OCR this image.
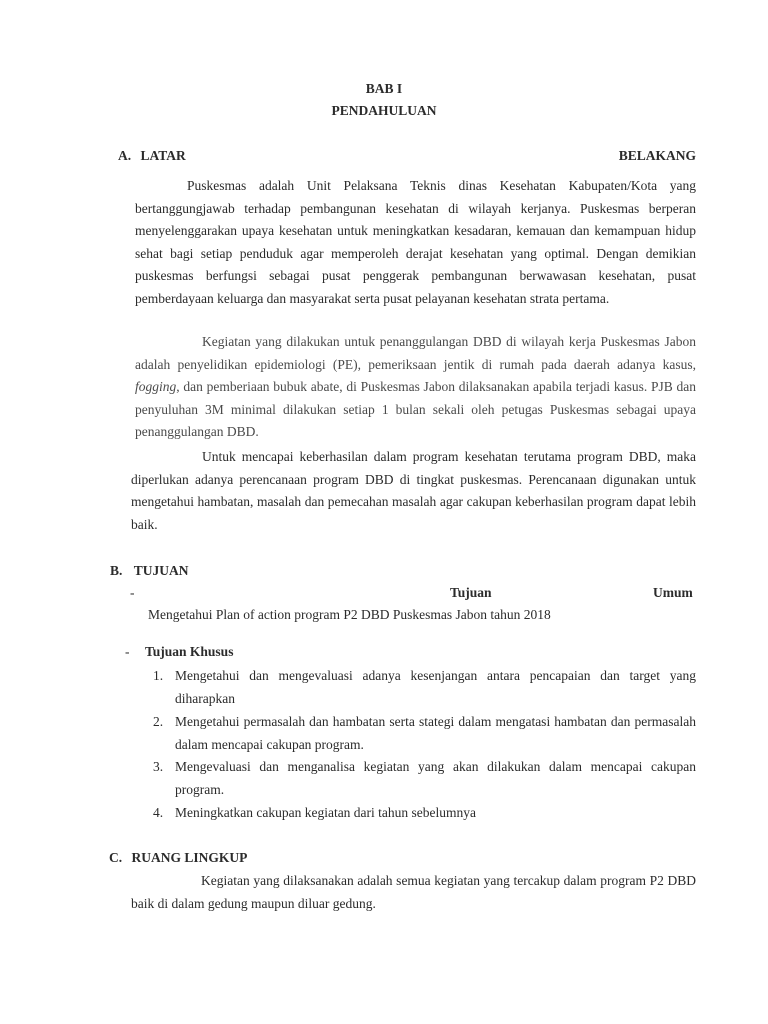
BAB I
PENDAHULUAN
A. LATAR	BELAKANG
Puskesmas adalah Unit Pelaksana Teknis dinas Kesehatan Kabupaten/Kota yang bertanggungjawab terhadap pembangunan kesehatan di wilayah kerjanya. Puskesmas berperan menyelenggarakan upaya kesehatan untuk meningkatkan kesadaran, kemauan dan kemampuan hidup sehat bagi setiap penduduk agar memperoleh derajat kesehatan yang optimal. Dengan demikian puskesmas berfungsi sebagai pusat penggerak pembangunan berwawasan kesehatan, pusat pemberdayaan keluarga dan masyarakat serta pusat pelayanan kesehatan strata pertama.
Kegiatan yang dilakukan untuk penanggulangan DBD di wilayah kerja Puskesmas Jabon adalah penyelidikan epidemiologi (PE), pemeriksaan jentik di rumah pada daerah adanya kasus, fogging, dan pemberiaan bubuk abate, di Puskesmas Jabon dilaksanakan apabila terjadi kasus. PJB dan penyuluhan 3M minimal dilakukan setiap 1 bulan sekali oleh petugas Puskesmas sebagai upaya penanggulangan DBD.
Untuk mencapai keberhasilan dalam program kesehatan terutama program DBD, maka diperlukan adanya perencanaan program DBD di tingkat puskesmas. Perencanaan digunakan untuk mengetahui hambatan, masalah dan pemecahan masalah agar cakupan keberhasilan program dapat lebih baik.
B. TUJUAN
-	Tujuan	Umum
Mengetahui Plan of action program P2 DBD Puskesmas Jabon tahun 2018
- Tujuan Khusus
1. Mengetahui dan mengevaluasi adanya kesenjangan antara pencapaian dan target yang diharapkan
2. Mengetahui permasalah dan hambatan serta stategi dalam mengatasi hambatan dan permasalah dalam mencapai cakupan program.
3. Mengevaluasi dan menganalisa kegiatan yang akan dilakukan dalam mencapai cakupan program.
4. Meningkatkan cakupan kegiatan dari tahun sebelumnya
C. RUANG LINGKUP
Kegiatan yang dilaksanakan adalah semua kegiatan yang tercakup dalam program P2 DBD baik di dalam gedung maupun diluar gedung.
